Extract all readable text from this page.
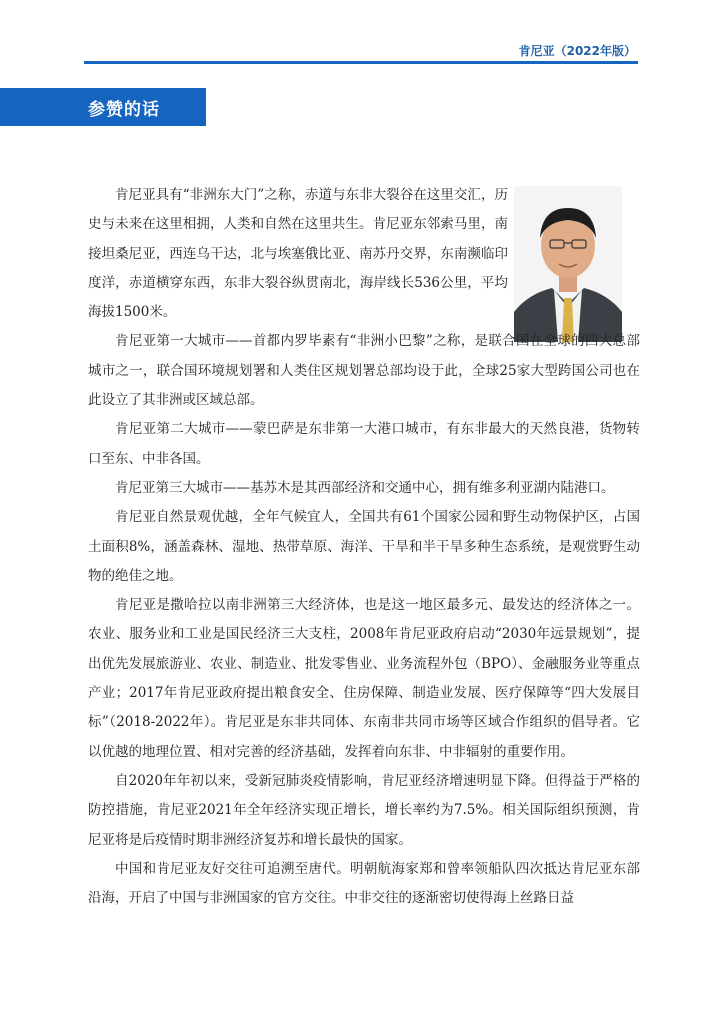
肯尼亚（2022年版）
参赞的话

肯尼亚具有“非洲东大门”之称，赤道与东非大裂谷在这里交汇，历史与未来在这里相拥，人类和自然在这里共生。肯尼亚东邻索马里，南接坦桑尼亚，西连乌干达，北与埃塞俄比亚、南苏丹交界，东南濒临印度洋，赤道横穿东西，东非大裂谷纵贯南北，海岸线长536公里，平均海拔1500米。

肯尼亚第一大城市——首都内罗毕素有“非洲小巴黎”之称，是联合国在全球的四大总部城市之一，联合国环境规划署和人类住区规划署总部均设于此，全球25家大型跨国公司也在此设立了其非洲或区域总部。

肯尼亚第二大城市——蒙巴萨是东非第一大港口城市，有东非最大的天然良港，货物转口至东、中非各国。

肯尼亚第三大城市——基苏木是其西部经济和交通中心，拥有维多利亚湖内陆港口。

肯尼亚自然景观优越，全年气候宜人，全国共有61个国家公园和野生动物保护区，占国土面积8%，涵盖森林、湿地、热带草原、海洋、干旱和半干旱多种生态系统，是观赏野生动物的绝佳之地。

肯尼亚是撒哈拉以南非洲第三大经济体，也是这一地区最多元、最发达的经济体之一。农业、服务业和工业是国民经济三大支柱，2008年肯尼亚政府启动“2030年远景规划”，提出优先发展旅游业、农业、制造业、批发零售业、业务流程外包（BPO）、金融服务业等重点产业；2017年肯尼亚政府提出粮食安全、住房保障、制造业发展、医疗保障等“四大发展目标”（2018-2022年）。肯尼亚是东非共同体、东南非共同市场等区域合作组织的倡导者。它以优越的地理位置、相对完善的经济基础，发挥着向东非、中非辐射的重要作用。

自2020年年初以来，受新冠肺炎疫情影响，肯尼亚经济增速明显下降。但得益于严格的防控措施，肯尼亚2021年全年经济实现正增长，增长率约为7.5%。相关国际组织预测，肯尼亚将是后疫情时期非洲经济复苏和增长最快的国家。

中国和肯尼亚友好交往可追溯至唐代。明朝航海家郑和曾率领船队四次抵达肯尼亚东部沿海，开启了中国与非洲国家的官方交往。中非交往的逐渐密切使得海上丝路日益
